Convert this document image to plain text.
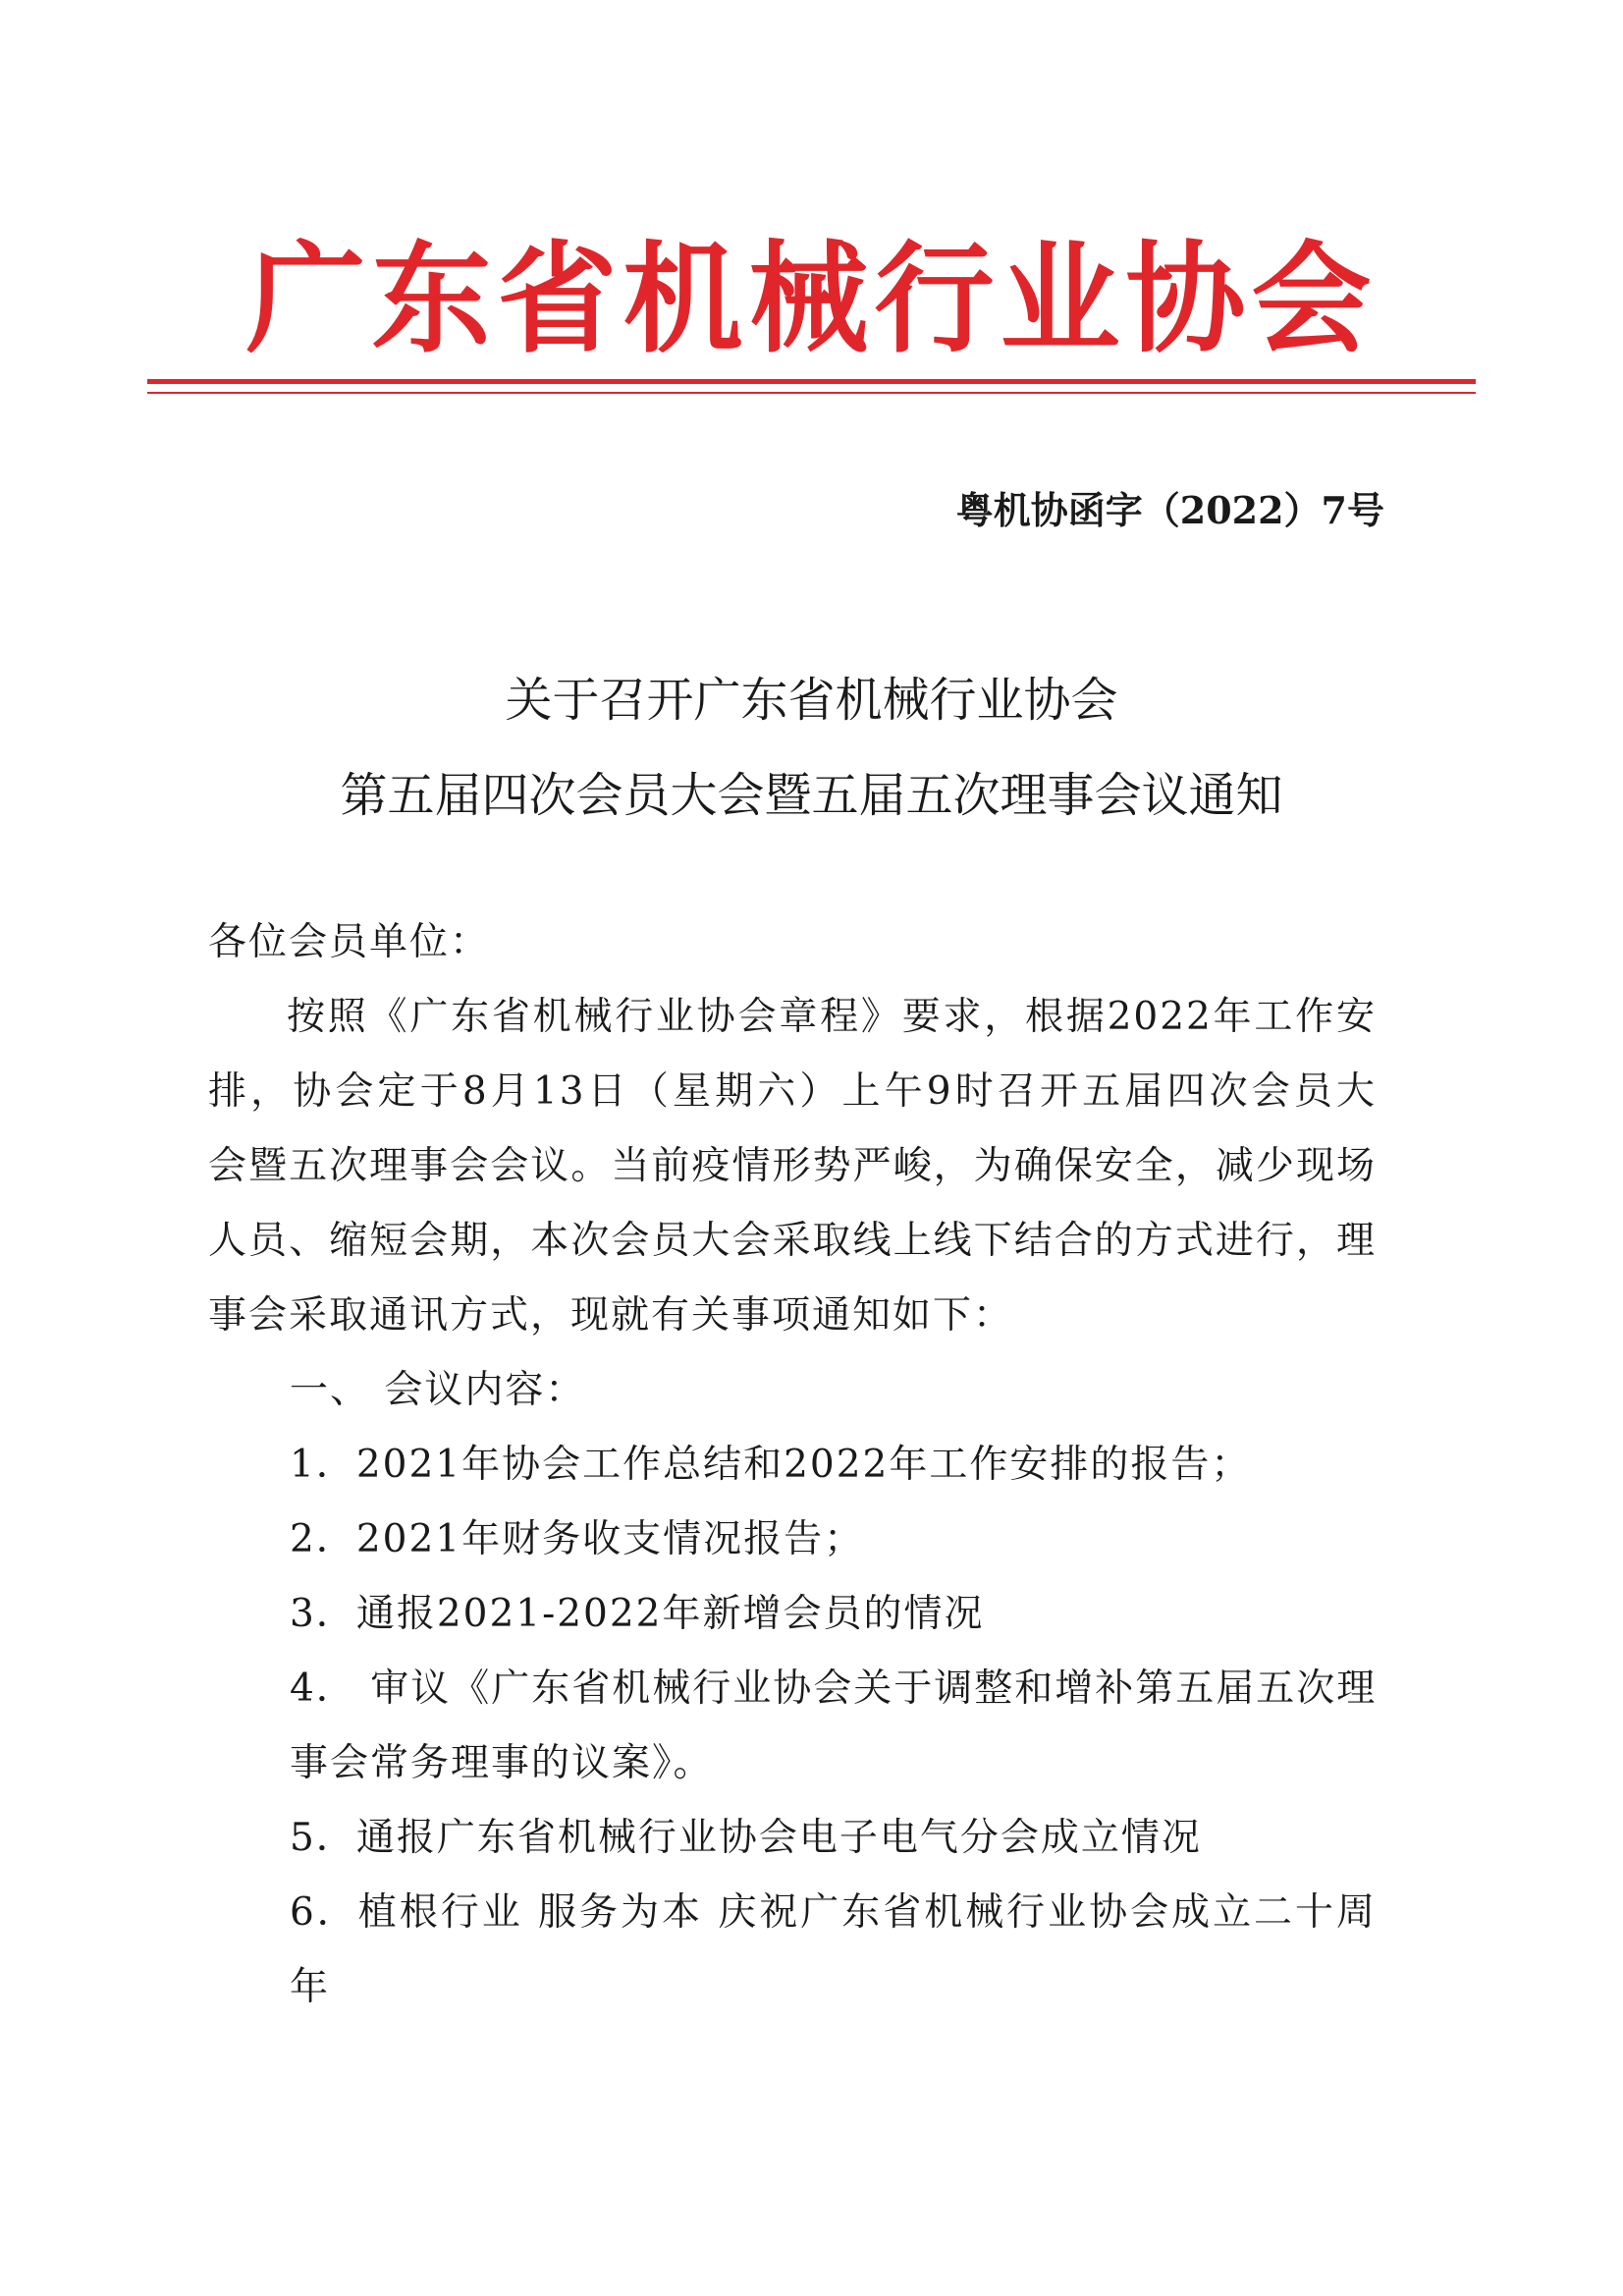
广东省机械行业协会
粤机协函字（2022）7号
关于召开广东省机械行业协会
第五届四次会员大会暨五届五次理事会议通知
各位会员单位：
按照《广东省机械行业协会章程》要求，根据2022年工作安
排，协会定于8月13日（星期六）上午9时召开五届四次会员大
会暨五次理事会会议。当前疫情形势严峻，为确保安全，减少现场
人员、缩短会期，本次会员大会采取线上线下结合的方式进行，理
事会采取通讯方式，现就有关事项通知如下：
一、 会议内容：
1．2021年协会工作总结和2022年工作安排的报告；
2．2021年财务收支情况报告；
3．通报2021-2022年新增会员的情况
4． 审议《广东省机械行业协会关于调整和增补第五届五次理
事会常务理事的议案》。
5．通报广东省机械行业协会电子电气分会成立情况
6．植根行业 服务为本 庆祝广东省机械行业协会成立二十周
年
